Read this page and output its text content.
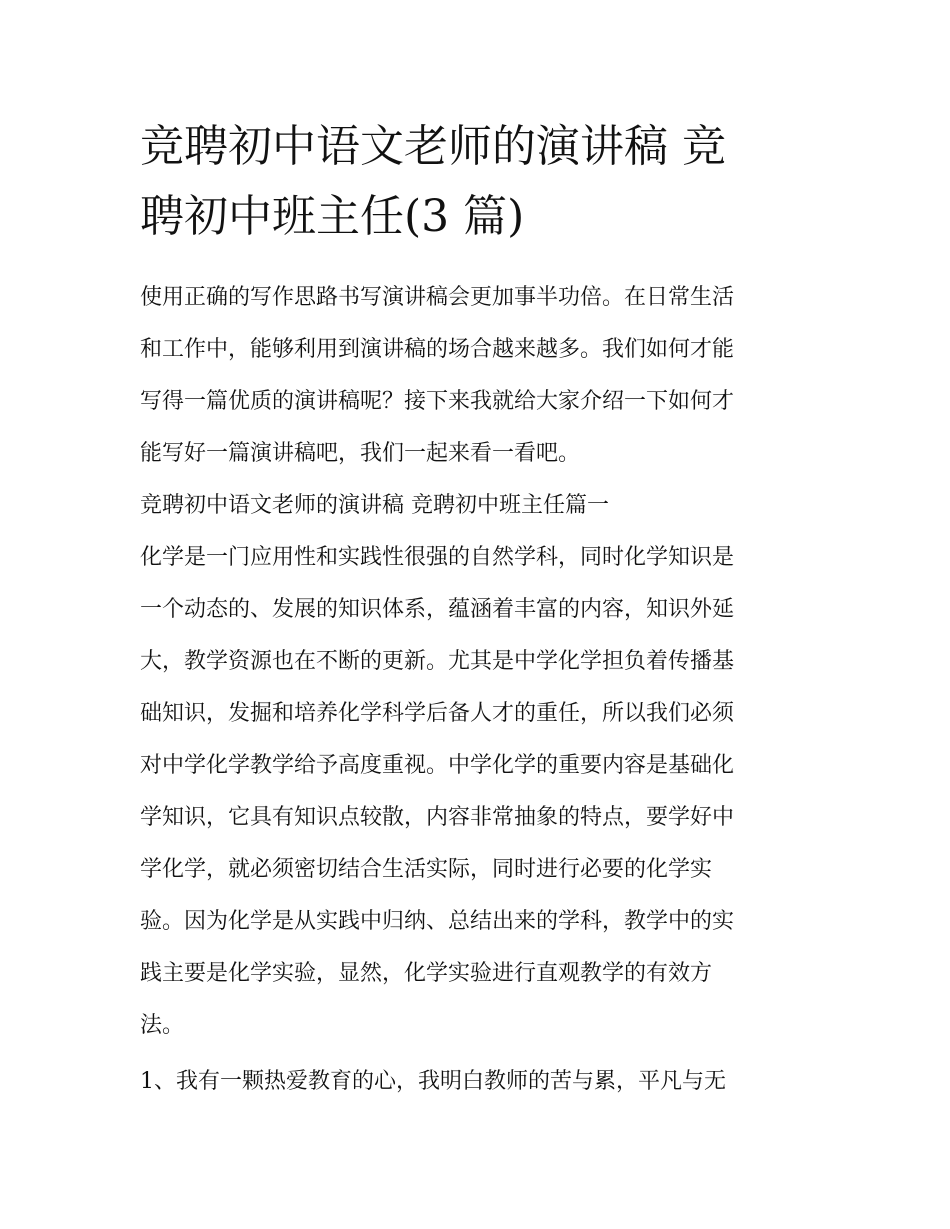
竞聘初中语文老师的演讲稿 竞
聘初中班主任(3 篇)
使用正确的写作思路书写演讲稿会更加事半功倍。在日常生活
和工作中，能够利用到演讲稿的场合越来越多。我们如何才能
写得一篇优质的演讲稿呢？接下来我就给大家介绍一下如何才
能写好一篇演讲稿吧，我们一起来看一看吧。
竞聘初中语文老师的演讲稿 竞聘初中班主任篇一
化学是一门应用性和实践性很强的自然学科，同时化学知识是
一个动态的、发展的知识体系，蕴涵着丰富的内容，知识外延
大，教学资源也在不断的更新。尤其是中学化学担负着传播基
础知识，发掘和培养化学科学后备人才的重任，所以我们必须
对中学化学教学给予高度重视。中学化学的重要内容是基础化
学知识，它具有知识点较散，内容非常抽象的特点，要学好中
学化学，就必须密切结合生活实际，同时进行必要的化学实
验。因为化学是从实践中归纳、总结出来的学科，教学中的实
践主要是化学实验，显然，化学实验进行直观教学的有效方
法。
1、我有一颗热爱教育的心，我明白教师的苦与累，平凡与无
